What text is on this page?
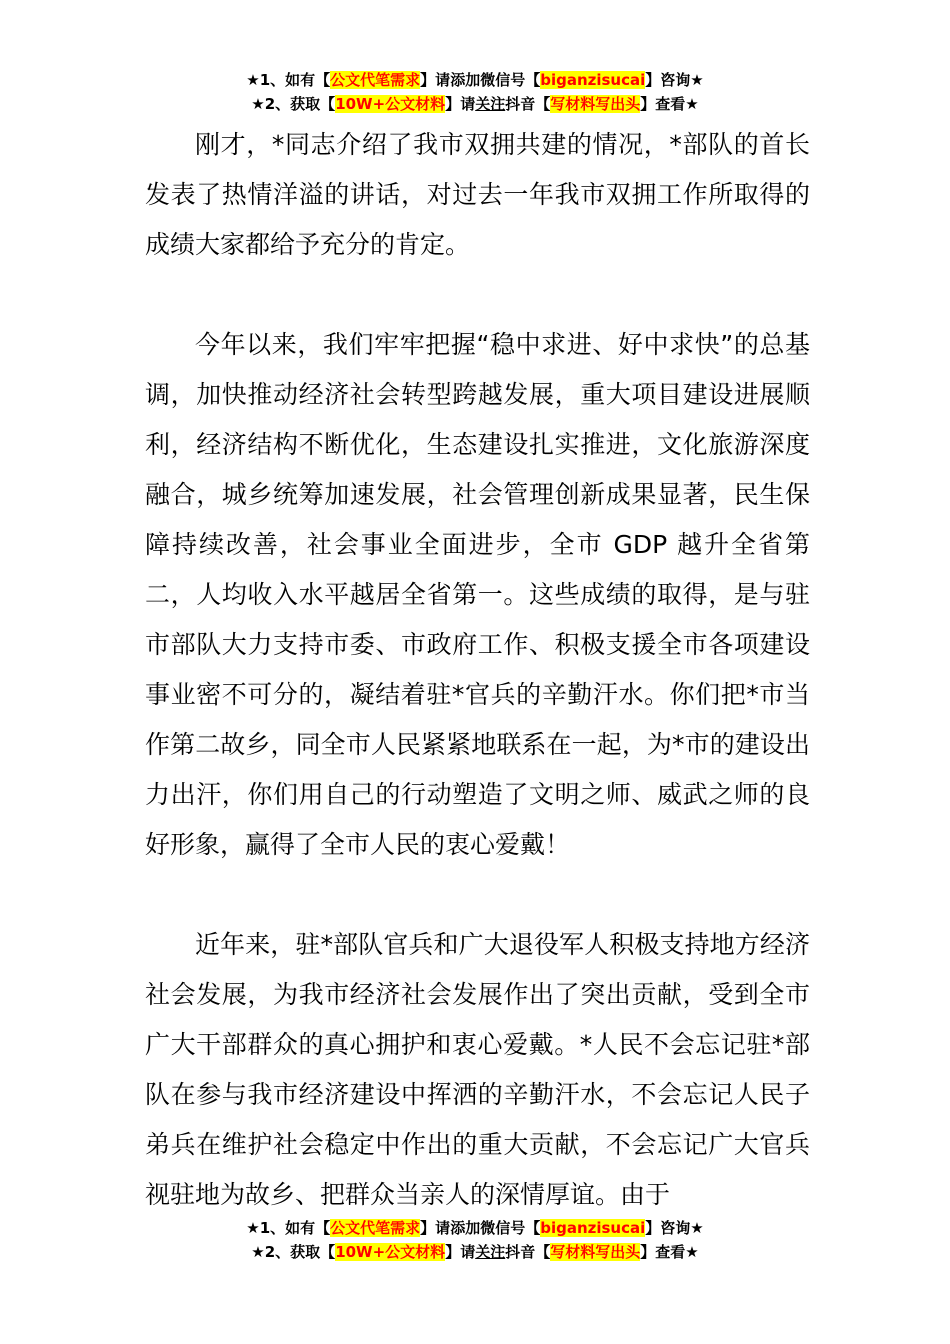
★1、如有【公文代笔需求】请添加微信号【biganzisucai】咨询★
★2、获取【10W+公文材料】请关注抖音【写材料写出头】查看★

刚才，*同志介绍了我市双拥共建的情况，*部队的首长发表了热情洋溢的讲话，对过去一年我市双拥工作所取得的成绩大家都给予充分的肯定。

今年以来，我们牢牢把握“稳中求进、好中求快”的总基调，加快推动经济社会转型跨越发展，重大项目建设进展顺利，经济结构不断优化，生态建设扎实推进，文化旅游深度融合，城乡统筹加速发展，社会管理创新成果显著，民生保障持续改善，社会事业全面进步，全市 GDP 越升全省第二，人均收入水平越居全省第一。这些成绩的取得，是与驻市部队大力支持市委、市政府工作、积极支援全市各项建设事业密不可分的，凝结着驻*官兵的辛勤汗水。你们把*市当作第二故乡，同全市人民紧紧地联系在一起，为*市的建设出力出汗，你们用自己的行动塑造了文明之师、威武之师的良好形象，赢得了全市人民的衷心爱戴！

近年来，驻*部队官兵和广大退役军人积极支持地方经济社会发展，为我市经济社会发展作出了突出贡献，受到全市广大干部群众的真心拥护和衷心爱戴。*人民不会忘记驻*部队在参与我市经济建设中挥洒的辛勤汗水，不会忘记人民子弟兵在维护社会稳定中作出的重大贡献，不会忘记广大官兵视驻地为故乡、把群众当亲人的深情厚谊。由于

★1、如有【公文代笔需求】请添加微信号【biganzisucai】咨询★
★2、获取【10W+公文材料】请关注抖音【写材料写出头】查看★
